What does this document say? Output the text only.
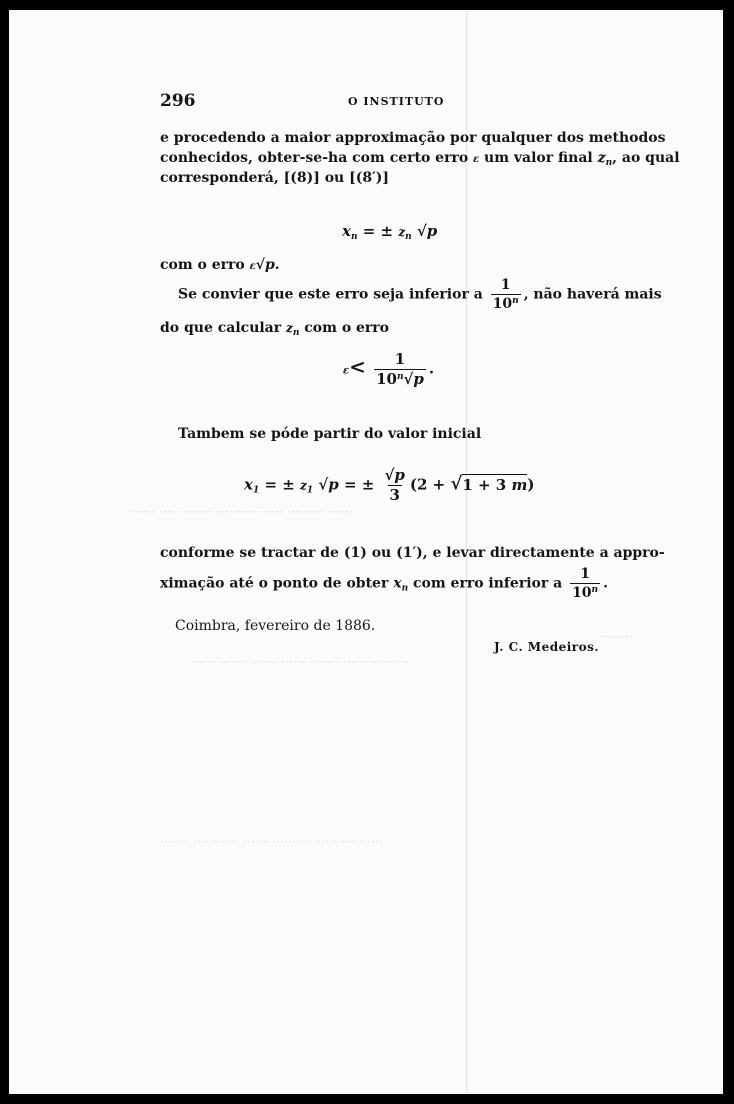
······ ········· ····· ·········· ········ ···· ······
········
········· ······ ······· ······ ······ ······· ······
·········· ····· ·········· ······ ···· ······ ·······
296	O INSTITUTO
e procedendo a maior approximação por qualquer dos methodos
conhecidos, obter-se-ha com certo erro ε um valor final $z_n$, ao qual
corresponderá, [(8)] ou [(8′)]
$x_n$ = ± $z_n$ √p
com o erro ε√p.
Se convier que este erro seja inferior a $\frac{1}{10^n}$ , não haverá mais
do que calcular $z_n$ com o erro
$\varepsilon< \frac{1}{10^n√p}$ .
Tambem se póde partir do valor inicial
$x_1$ = ± $z_1$ √p = ± $\frac{√p}{3} (2 + √1 + 3$ m)
conforme se tractar de (1) ou (1′), e levar directamente a appro-
ximação até o ponto de obter $x_n$ com erro inferior a $\frac{1}{10^n}$ .
Coimbra, fevereiro de 1886.
J. C. Medeiros.
